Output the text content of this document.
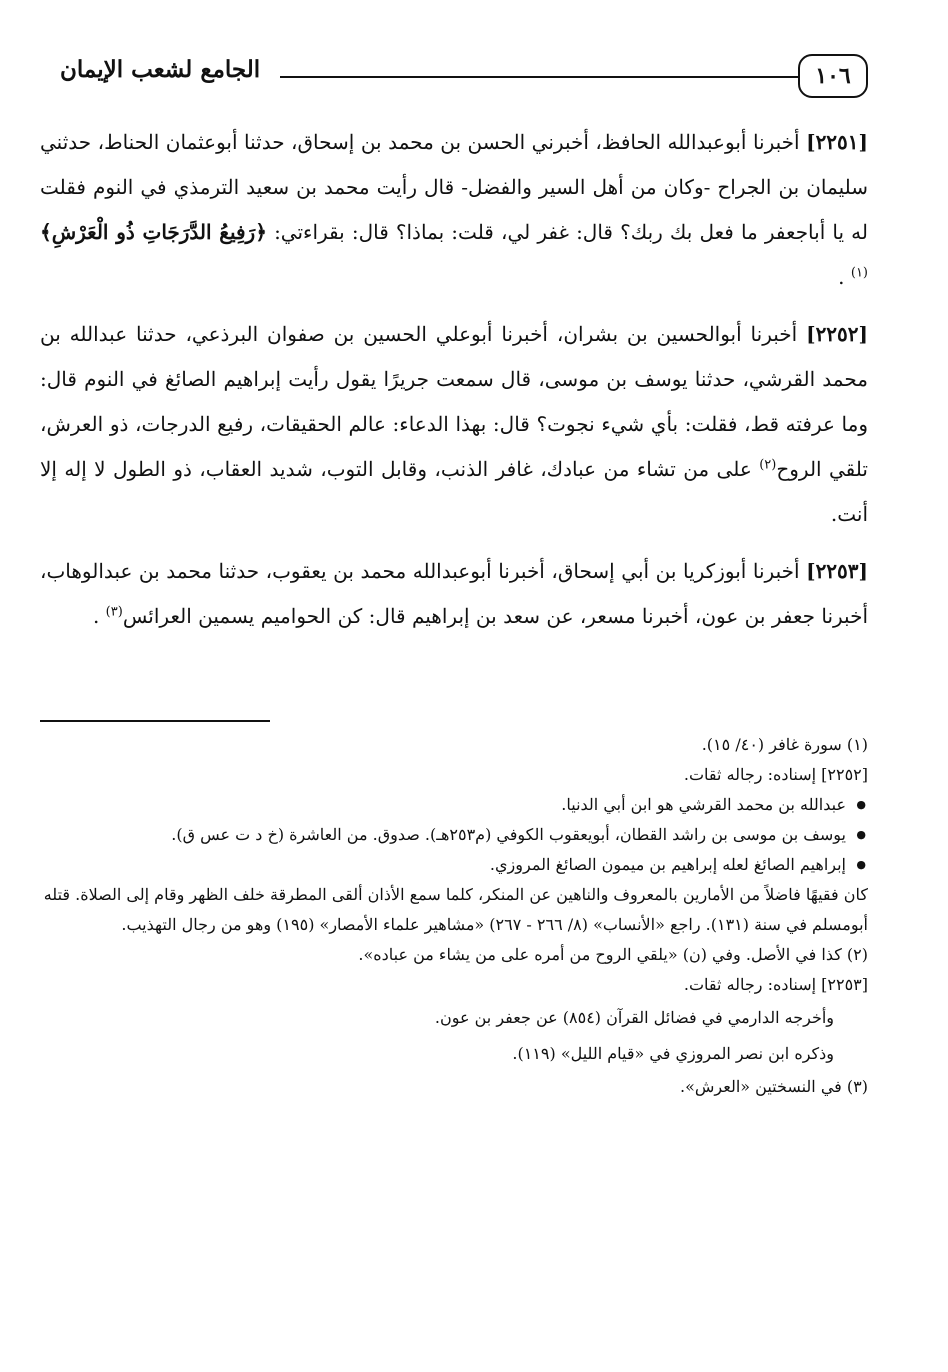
١٠٦
الجامع لشعب الإيمان

[٢٢٥١] أخبرنا أبوعبدالله الحافظ، أخبرني الحسن بن محمد بن إسحاق، حدثنا أبوعثمان الحناط، حدثني سليمان بن الجراح -وكان من أهل السير والفضل- قال رأيت محمد بن سعيد الترمذي في النوم فقلت له يا أباجعفر ما فعل بك ربك؟ قال: غفر لي، قلت: بماذا؟ قال: بقراءتي: ﴿رَفِيعُ الدَّرَجَاتِ ذُو الْعَرْشِ﴾$^{(١)}$ .

[٢٢٥٢] أخبرنا أبوالحسين بن بشران، أخبرنا أبوعلي الحسين بن صفوان البرذعي، حدثنا عبدالله بن محمد القرشي، حدثنا يوسف بن موسى، قال سمعت جريرًا يقول رأيت إبراهيم الصائغ في النوم قال: وما عرفته قط، فقلت: بأي شيء نجوت؟ قال: بهذا الدعاء: عالم الحقيقات، رفيع الدرجات، ذو العرش، تلقي الروح$^{(٢)}$ على من تشاء من عبادك، غافر الذنب، وقابل التوب، شديد العقاب، ذو الطول لا إله إلا أنت.

[٢٢٥٣] أخبرنا أبوزكريا بن أبي إسحاق، أخبرنا أبوعبدالله محمد بن يعقوب، حدثنا محمد بن عبدالوهاب، أخبرنا جعفر بن عون، أخبرنا مسعر، عن سعد بن إبراهيم قال: كن الحواميم يسمين العرائس$^{(٣)}$ .

(١) سورة غافر (٤٠/ ١٥).

[٢٢٥٢] إسناده: رجاله ثقات.

● عبدالله بن محمد القرشي هو ابن أبي الدنيا.
● يوسف بن موسى بن راشد القطان، أبويعقوب الكوفي (م٢٥٣هـ). صدوق. من العاشرة (خ د ت عس ق).
● إبراهيم الصائغ لعله إبراهيم بن ميمون الصائغ المروزي.

كان فقيهًا فاضلاً من الأمارين بالمعروف والناهين عن المنكر، كلما سمع الأذان ألقى المطرقة خلف الظهر وقام إلى الصلاة. قتله أبومسلم في سنة (١٣١). راجع «الأنساب» (٨/ ٢٦٦ - ٢٦٧) «مشاهير علماء الأمصار» (١٩٥) وهو من رجال التهذيب.

(٢) كذا في الأصل. وفي (ن) «يلقي الروح من أمره على من يشاء من عباده».

[٢٢٥٣] إسناده: رجاله ثقات.

وأخرجه الدارمي في فضائل القرآن (٨٥٤) عن جعفر بن عون.

وذكره ابن نصر المروزي في «قيام الليل» (١١٩).

(٣) في النسختين «العرش».
